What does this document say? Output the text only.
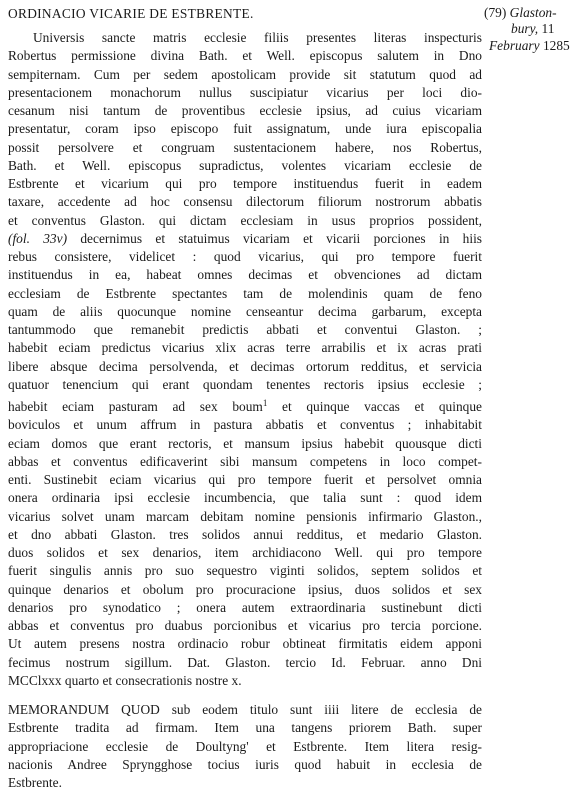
ORDINACIO VICARIE DE ESTBRENTE.	(79) Glaston-
bury, 11
February 1285
Universis sancte matris ecclesie filiis presentes literas inspecturis
Robertus permissione divina Bath. et Well. episcopus salutem in Dno
sempiternam. Cum per sedem apostolicam provide sit statutum quod ad
presentacionem monachorum nullus suscipiatur vicarius per loci dio-
cesanum nisi tantum de proventibus ecclesie ipsius, ad cuius vicariam
presentatur, coram ipso episcopo fuit assignatum, unde iura episcopalia
possit persolvere et congruam sustentacionem habere, nos Robertus,
Bath. et Well. episcopus supradictus, volentes vicariam ecclesie de
Estbrente et vicarium qui pro tempore instituendus fuerit in eadem
taxare, accedente ad hoc consensu dilectorum filiorum nostrorum abbatis
et conventus Glaston. qui dictam ecclesiam in usus proprios possident,
(fol. 33v) decernimus et statuimus vicariam et vicarii porciones in hiis
rebus consistere, videlicet : quod vicarius, qui pro tempore fuerit
instituendus in ea, habeat omnes decimas et obvenciones ad dictam
ecclesiam de Estbrente spectantes tam de molendinis quam de feno
quam de aliis quocunque nomine censeantur decima garbarum, excepta
tantummodo que remanebit predictis abbati et conventui Glaston. ;
habebit eciam predictus vicarius xlix acras terre arrabilis et ix acras prati
libere absque decima persolvenda, et decimas ortorum redditus, et servicia
quatuor tenencium qui erant quondam tenentes rectoris ipsius ecclesie ;
habebit eciam pasturam ad sex boum$^1$ et quinque vaccas et quinque
boviculos et unum affrum in pastura abbatis et conventus ; inhabitabit
eciam domos que erant rectoris, et mansum ipsius habebit quousque dicti
abbas et conventus edificaverint sibi mansum competens in loco compet-
enti. Sustinebit eciam vicarius qui pro tempore fuerit et persolvet omnia
onera ordinaria ipsi ecclesie incumbencia, que talia sunt : quod idem
vicarius solvet unam marcam debitam nomine pensionis infirmario Glaston.,
et dno abbati Glaston. tres solidos annui redditus, et medario Glaston.
duos solidos et sex denarios, item archidiacono Well. qui pro tempore
fuerit singulis annis pro suo sequestro viginti solidos, septem solidos et
quinque denarios et obolum pro procuracione ipsius, duos solidos et sex
denarios pro synodatico ; onera autem extraordinaria sustinebunt dicti
abbas et conventus pro duabus porcionibus et vicarius pro tercia porcione.
Ut autem presens nostra ordinacio robur obtineat firmitatis eidem apponi
fecimus nostrum sigillum. Dat. Glaston. tercio Id. Februar. anno Dni
MCClxxx quarto et consecrationis nostre x.
MEMORANDUM QUOD sub eodem titulo sunt iiii litere de ecclesia de
Estbrente tradita ad firmam. Item una tangens priorem Bath. super
appropriacione ecclesie de Doultyng' et Estbrente. Item litera resig-
nacionis Andree Spryngghose tocius iuris quod habuit in ecclesia de
Estbrente.
